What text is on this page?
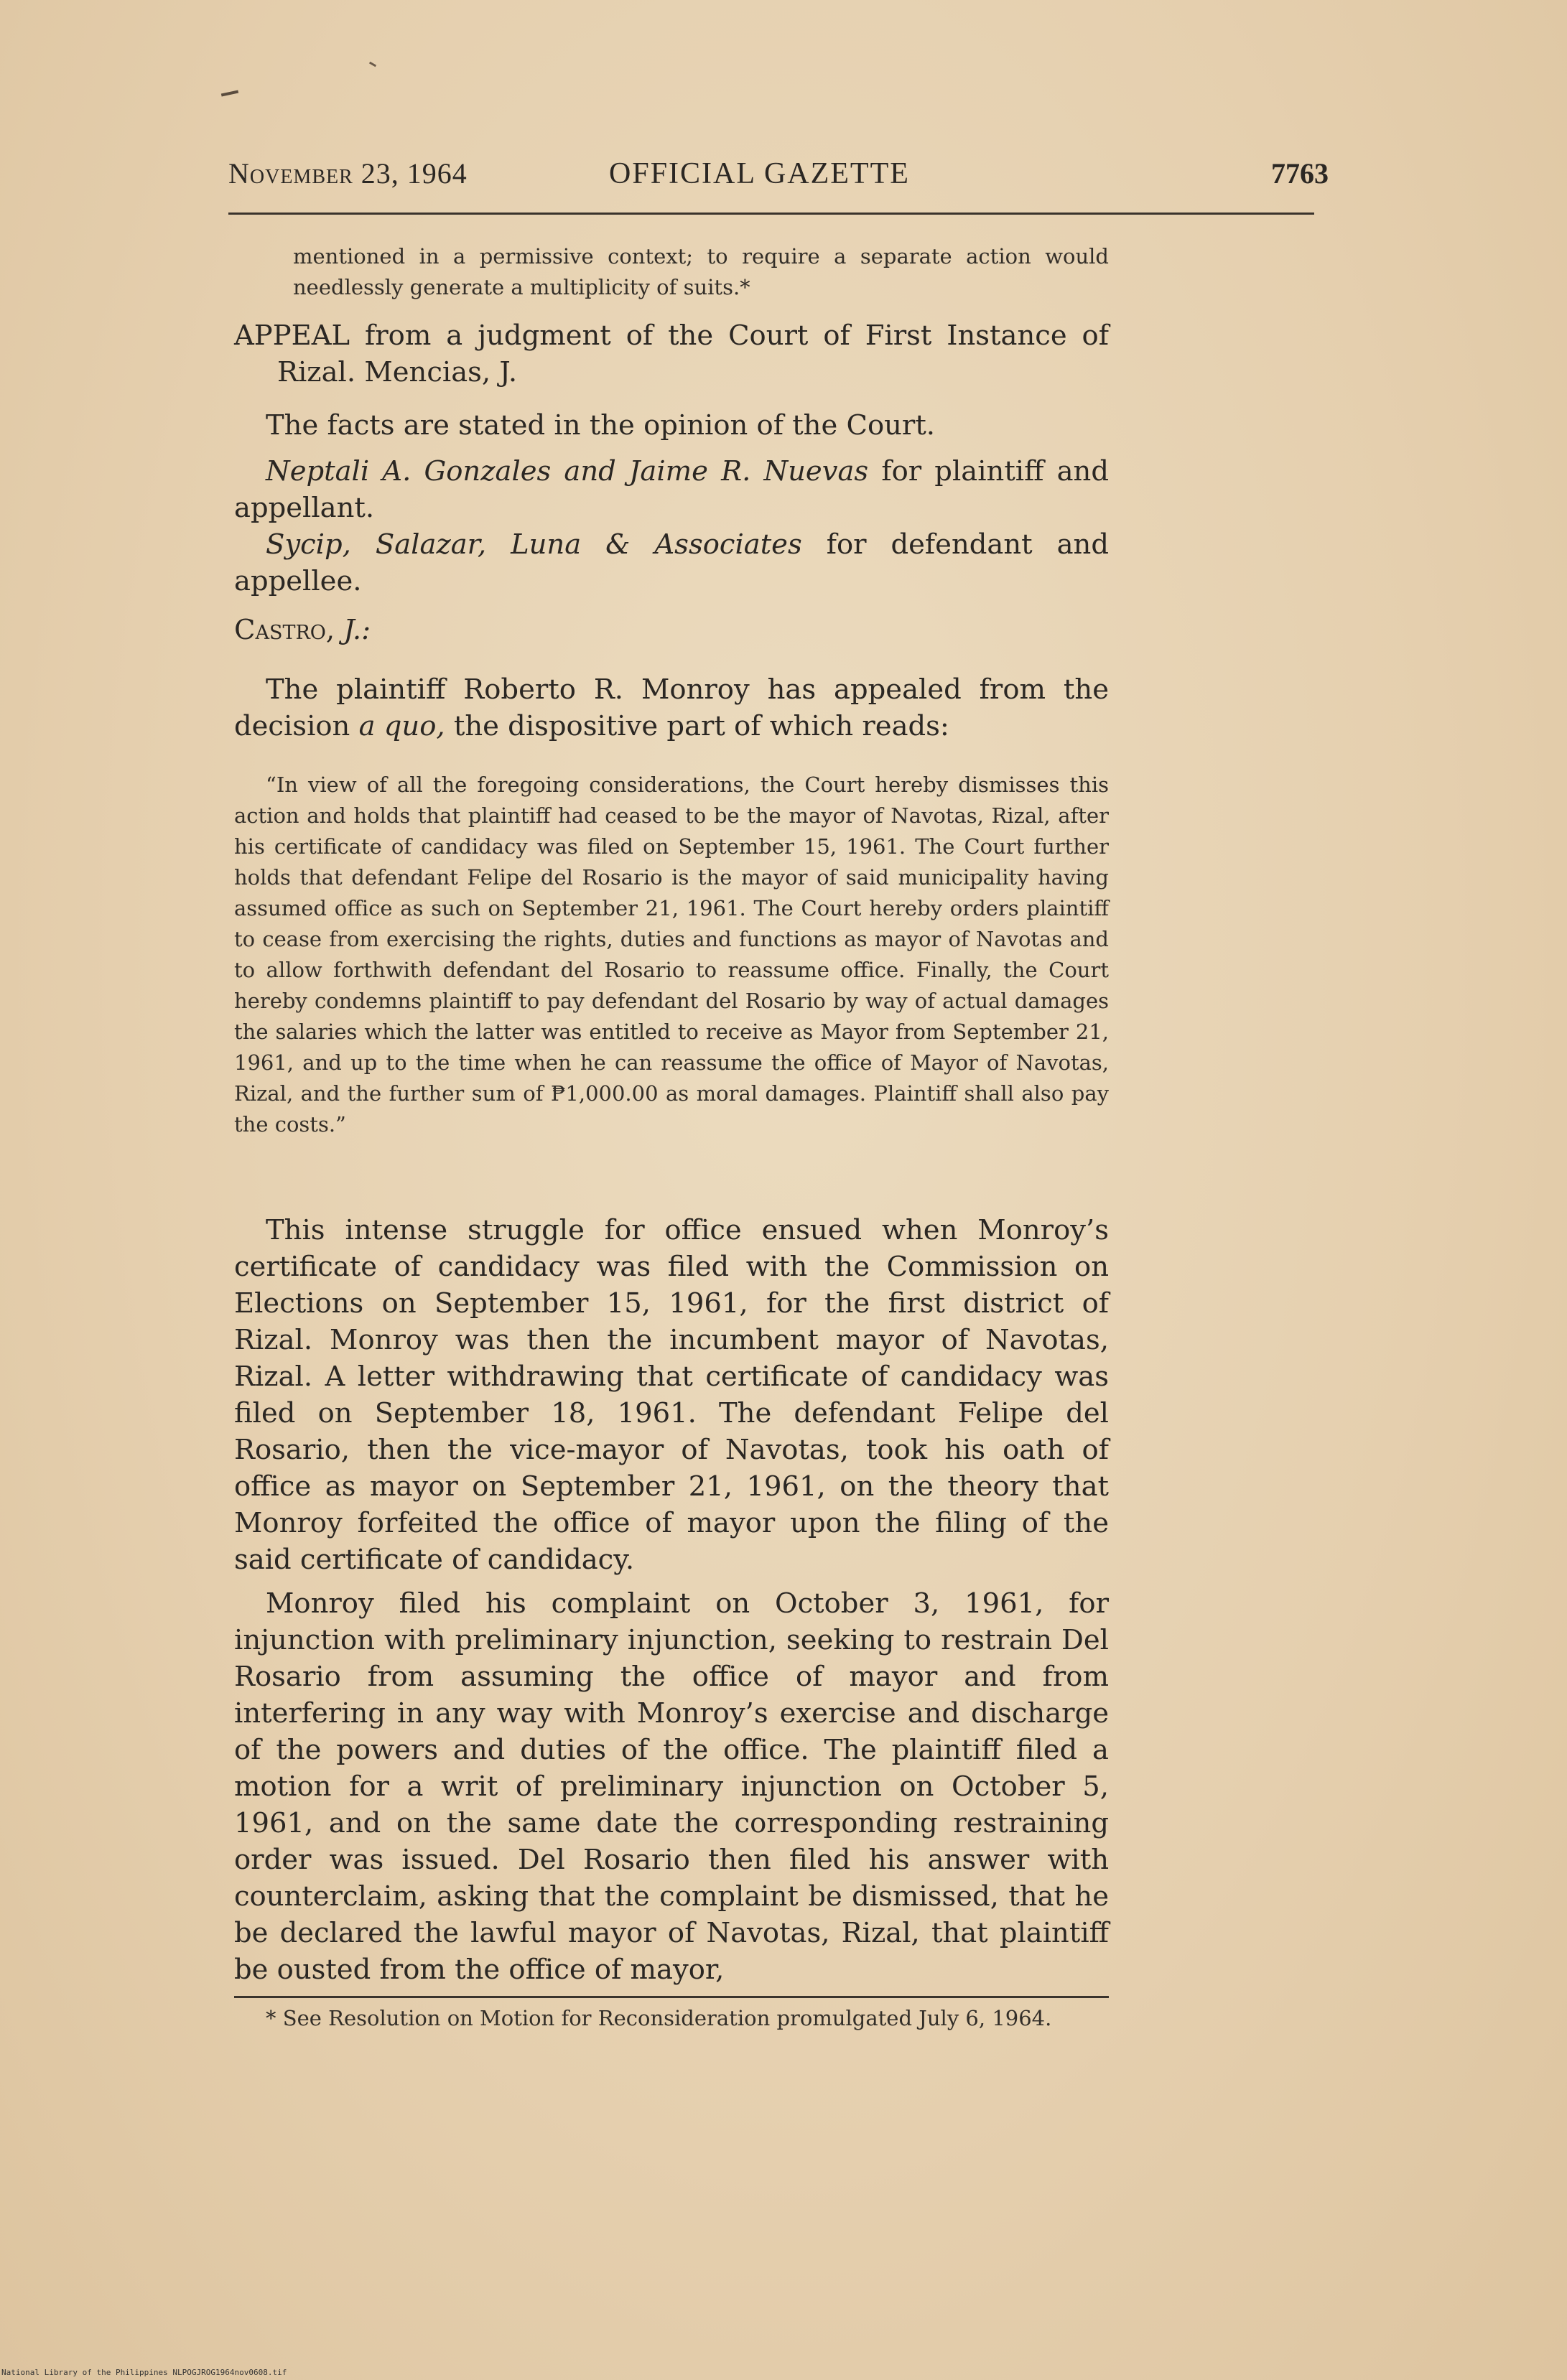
November 23, 1964	OFFICIAL GAZETTE	7763

mentioned in a permissive context; to require a separate action would needlessly generate a multiplicity of suits.*

APPEAL from a judgment of the Court of First Instance of Rizal. Mencias, J.

The facts are stated in the opinion of the Court.

Neptali A. Gonzales and Jaime R. Nuevas for plaintiff and appellant.

Sycip, Salazar, Luna & Associates for defendant and appellee.

Castro, J.:

The plaintiff Roberto R. Monroy has appealed from the decision a quo, the dispositive part of which reads:

“In view of all the foregoing considerations, the Court hereby dismisses this action and holds that plaintiff had ceased to be the mayor of Navotas, Rizal, after his certificate of candidacy was filed on September 15, 1961. The Court further holds that defendant Felipe del Rosario is the mayor of said municipality having assumed office as such on September 21, 1961. The Court hereby orders plaintiff to cease from exercising the rights, duties and functions as mayor of Navotas and to allow forthwith defendant del Rosario to reassume office. Finally, the Court hereby condemns plaintiff to pay defendant del Rosario by way of actual damages the salaries which the latter was entitled to receive as Mayor from September 21, 1961, and up to the time when he can reassume the office of Mayor of Navotas, Rizal, and the further sum of ₱1,000.00 as moral damages. Plaintiff shall also pay the costs.”

This intense struggle for office ensued when Monroy’s certificate of candidacy was filed with the Commission on Elections on September 15, 1961, for the first district of Rizal. Monroy was then the incumbent mayor of Navotas, Rizal. A letter withdrawing that certificate of candidacy was filed on September 18, 1961. The defendant Felipe del Rosario, then the vice-mayor of Navotas, took his oath of office as mayor on September 21, 1961, on the theory that Monroy forfeited the office of mayor upon the filing of the said certificate of candidacy.

Monroy filed his complaint on October 3, 1961, for injunction with preliminary injunction, seeking to restrain Del Rosario from assuming the office of mayor and from interfering in any way with Monroy’s exercise and discharge of the powers and duties of the office. The plaintiff filed a motion for a writ of preliminary injunction on October 5, 1961, and on the same date the corresponding restraining order was issued. Del Rosario then filed his answer with counterclaim, asking that the complaint be dismissed, that he be declared the lawful mayor of Navotas, Rizal, that plaintiff be ousted from the office of mayor,

* See Resolution on Motion for Reconsideration promulgated July 6, 1964.

National Library of the Philippines NLPOGJROG1964nov0608.tif
